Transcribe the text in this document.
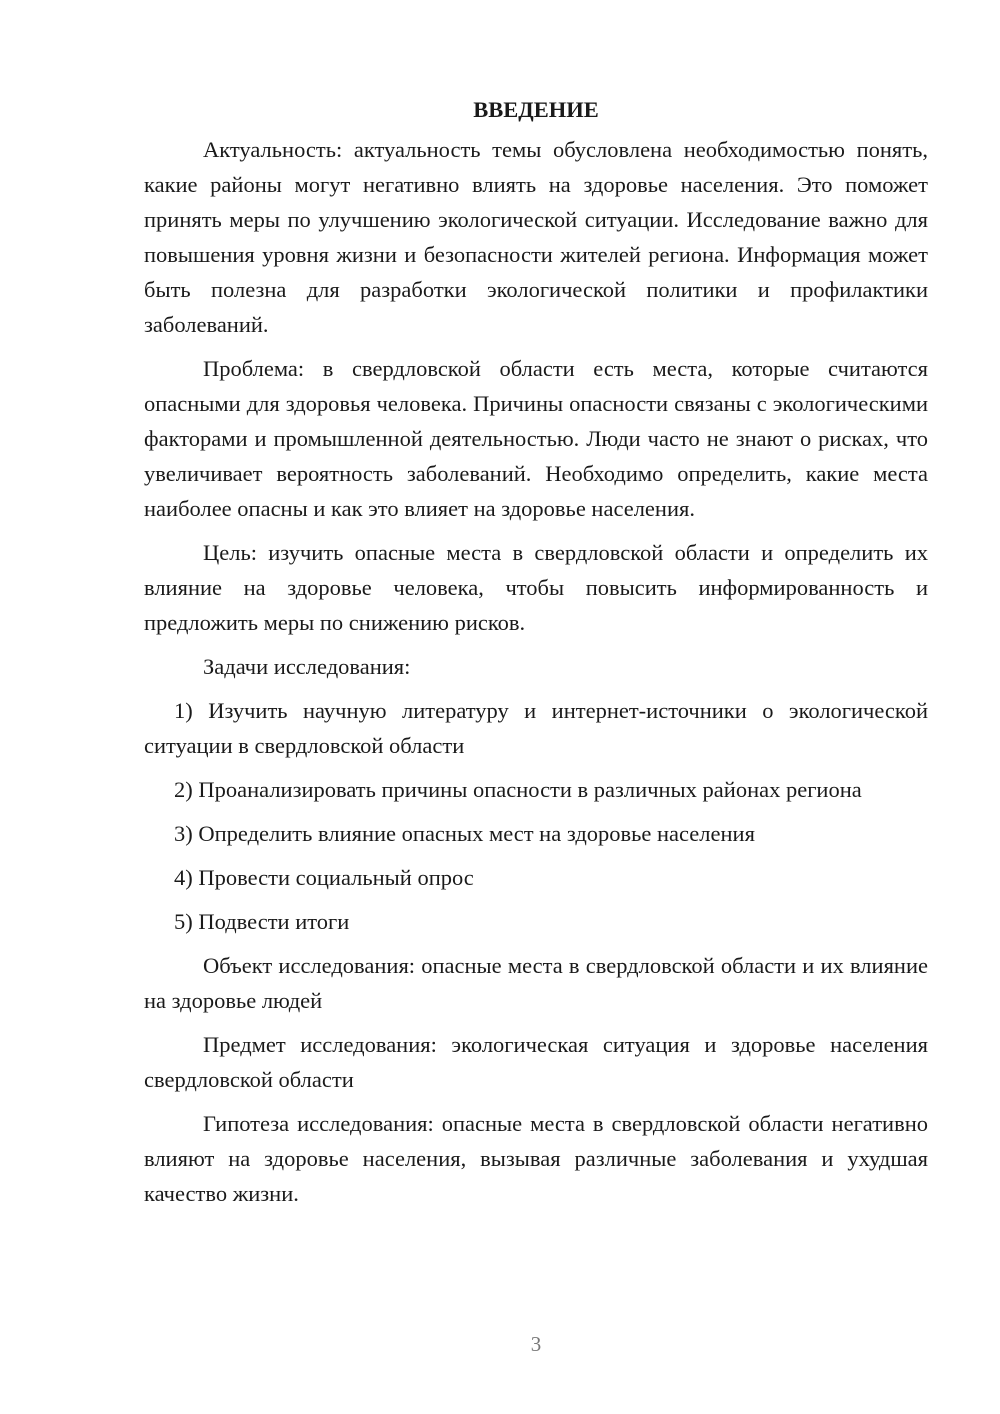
ВВЕДЕНИЕ

Актуальность: актуальность темы обусловлена необходимостью понять, какие районы могут негативно влиять на здоровье населения. Это поможет принять меры по улучшению экологической ситуации. Исследование важно для повышения уровня жизни и безопасности жителей региона. Информация может быть полезна для разработки экологической политики и профилактики заболеваний.

Проблема: в свердловской области есть места, которые считаются опасными для здоровья человека. Причины опасности связаны с экологическими факторами и промышленной деятельностью. Люди часто не знают о рисках, что увеличивает вероятность заболеваний. Необходимо определить, какие места наиболее опасны и как это влияет на здоровье населения.

Цель: изучить опасные места в свердловской области и определить их влияние на здоровье человека, чтобы повысить информированность и предложить меры по снижению рисков.

Задачи исследования:

1) Изучить научную литературу и интернет-источники о экологической ситуации в свердловской области

2) Проанализировать причины опасности в различных районах региона

3) Определить влияние опасных мест на здоровье населения

4) Провести социальный опрос

5) Подвести итоги

Объект исследования: опасные места в свердловской области и их влияние на здоровье людей

Предмет исследования: экологическая ситуация и здоровье населения свердловской области

Гипотеза исследования: опасные места в свердловской области негативно влияют на здоровье населения, вызывая различные заболевания и ухудшая качество жизни.

3
